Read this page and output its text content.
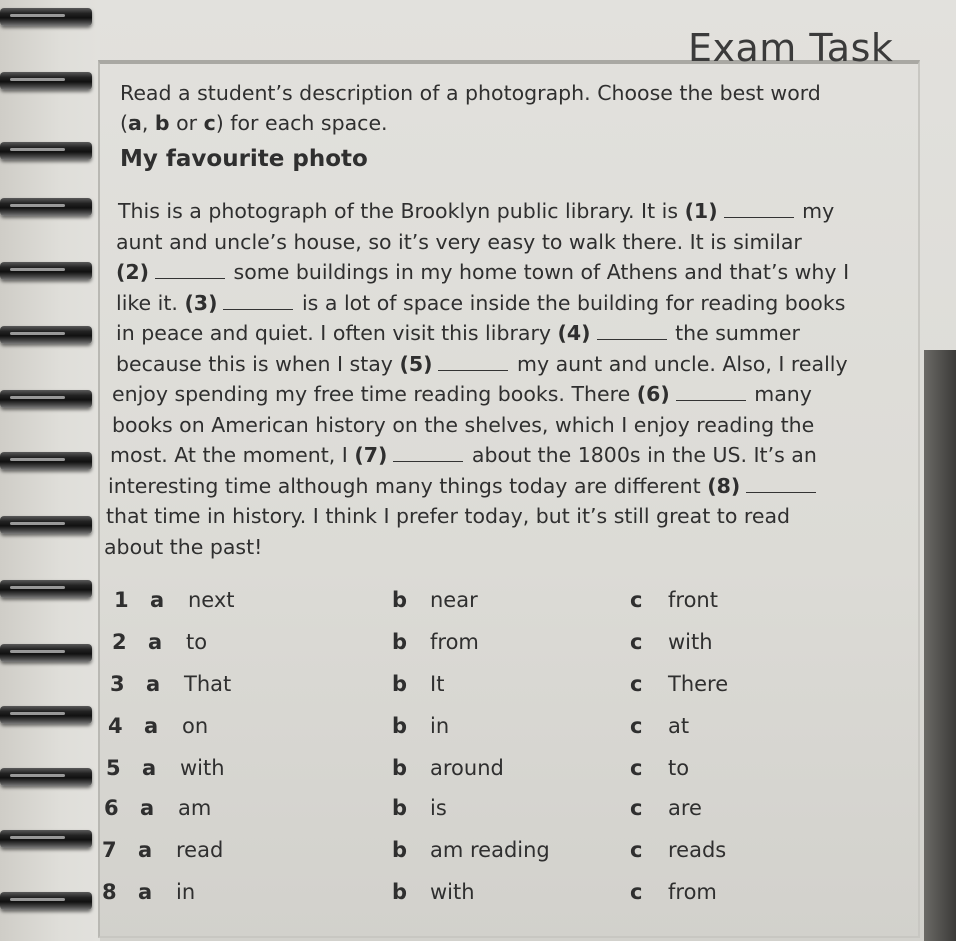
Exam Task
Read a student’s description of a photograph. Choose the best word
(a, b or c) for each space.
My favourite photo
This is a photograph of the Brooklyn public library. It is (1)	my
aunt and uncle’s house, so it’s very easy to walk there. It is similar
(2)	some buildings in my home town of Athens and that’s why I
like it. (3)	is a lot of space inside the building for reading books
in peace and quiet. I often visit this library (4)	the summer
because this is when I stay (5)	my aunt and uncle. Also, I really
enjoy spending my free time reading books. There (6)	many
books on American history on the shelves, which I enjoy reading the
most. At the moment, I (7)	about the 1800s in the US. It’s an
interesting time although many things today are different (8)
that time in history. I think I prefer today, but it’s still great to read
about the past!
1 a next	b near	c front
2 a to	b from	c with
3 a That	b It	c There
4 a on	b in	c at
5 a with	b around	c to
6 a am	b is	c are
7 a read	b am reading	c reads
8 a in	b with	c from
